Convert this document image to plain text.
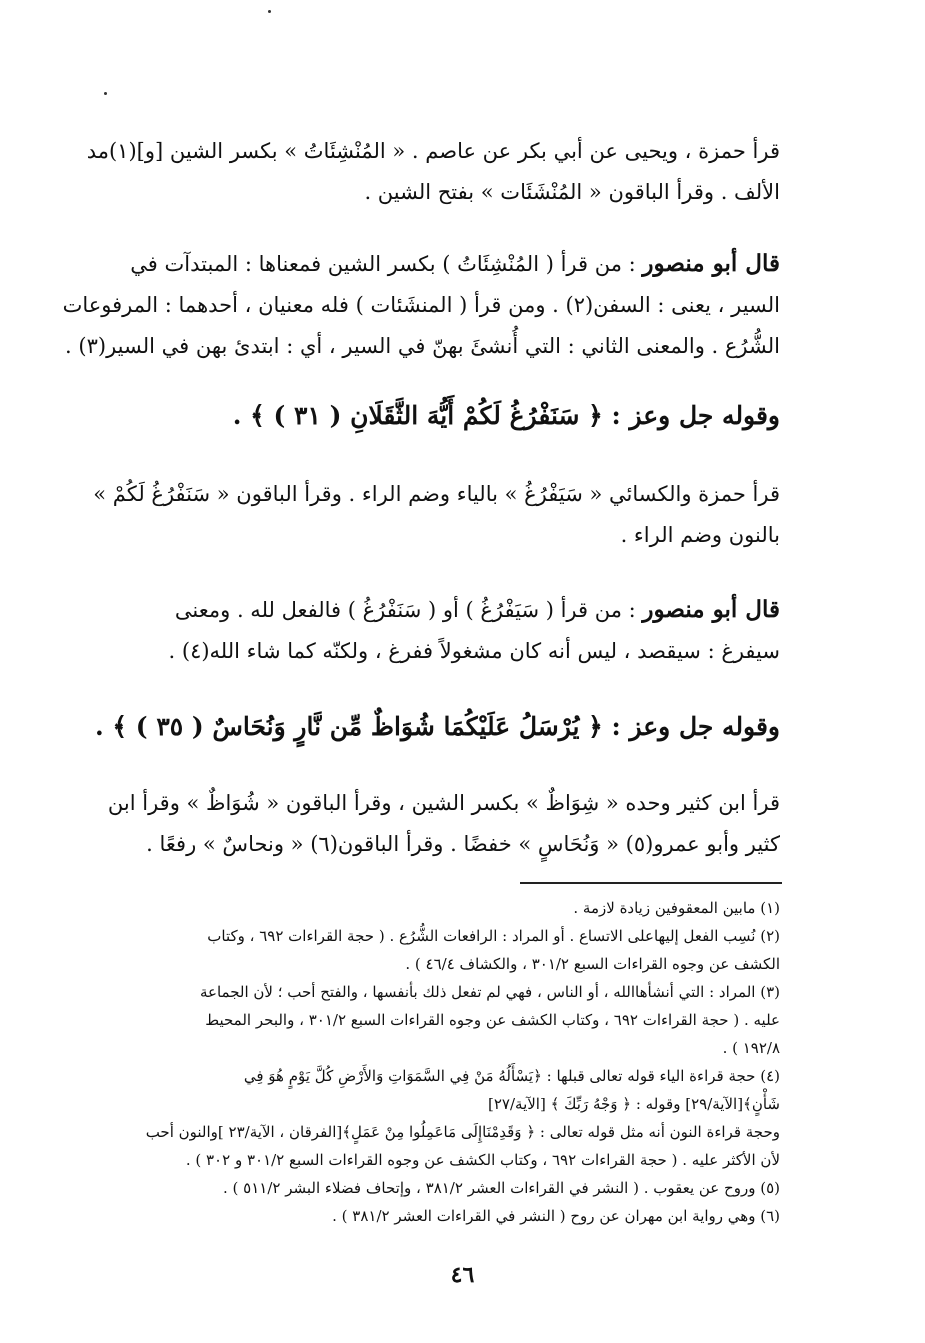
قرأ حمزة ، ويحيى عن أبي بكر عن عاصم . « المُنْشِئَاتُ » بكسر الشين [و](١)مد
الألف . وقرأ الباقون « المُنْشَئَات » بفتح الشين .
قال أبو منصور : من قرأ ( المُنْشِئَاتُ ) بكسر الشين فمعناها : المبتدآت في
السير ، يعنى : السفن(٢) . ومن قرأ ( المنشَئات ) فله معنيان ، أحدهما : المرفوعات
الشُّرُع . والمعنى الثاني : التي أُنشئَ بهنّ في السير ، أي : ابتدئ بهن في السير(٣) .
وقوله جل وعز : ﴿ سَنَفْرُغُ لَكُمْ أَيُّهَ الثَّقَلَانِ ( ٣١ ) ﴾ .
قرأ حمزة والكسائي « سَيَفْرُغُ » بالياء وضم الراء . وقرأ الباقون « سَنَفْرُغُ لَكُمْ »
بالنون وضم الراء .
قال أبو منصور : من قرأ ( سَيَفْرُغُ ) أو ( سَنَفْرُغُ ) فالفعل لله . ومعنى
سيفرغ : سيقصد ، ليس أنه كان مشغولاً ففرغ ، ولكنّه كما شاء الله(٤) .
وقوله جل وعز : ﴿ يُرْسَلُ عَلَيْكُمَا شُوَاظٌ مِّن نَّارٍ وَنُحَاسٌ ( ٣٥ ) ﴾ .
قرأ ابن كثير وحده « شِوَاظٌ » بكسر الشين ، وقرأ الباقون « شُوَاظٌ » وقرأ ابن
كثير وأبو عمرو(٥) « وَنُحَاسٍ » خفضًا . وقرأ الباقون(٦) « ونحاسٌ » رفعًا .
(١) مابين المعقوفين زيادة لازمة .
(٢) نُسِب الفعل إليهاعلى الاتساع . أو المراد : الرافعات الشُّرُع . ( حجة القراءات ٦٩٢ ، وكتاب
الكشف عن وجوه القراءات السبع ٣٠١/٢ ، والكشاف ٤٦/٤ ) .
(٣) المراد : التي أنشأهاالله ، أو الناس ، فهي لم تفعل ذلك بأنفسها ، والفتح أحب ؛ لأن الجماعة
عليه . ( حجة القراءات ٦٩٢ ، وكتاب الكشف عن وجوه القراءات السبع ٣٠١/٢ ، والبحر المحيط
١٩٢/٨ ) .
(٤) حجة قراءة الياء قوله تعالى قبلها : ﴿يَسْأَلُهُ مَنْ فِي السَّمَوَاتِ وَالأَرْضِ كُلَّ يَوْمٍ هُوَ فِي
شَأْنٍ﴾[الآية/٢٩] وقوله : ﴿ وَجْهُ رَبِّكَ ﴾ [الآية/٢٧]
وحجة قراءة النون أنه مثل قوله تعالى : ﴿ وَقَدِمْنَاإِلَى مَاعَمِلُوا مِنْ عَمَلٍ﴾[الفرقان ، الآية/٢٣ ]والنون أحب
لأن الأكثر عليه . ( حجة القراءات ٦٩٢ ، وكتاب الكشف عن وجوه القراءات السبع ٣٠١/٢ و ٣٠٢ ) .
(٥) وروح عن يعقوب . ( النشر في القراءات العشر ٣٨١/٢ ، وإتحاف فضلاء البشر ٥١١/٢ ) .
(٦) وهي رواية ابن مهران عن روح ( النشر في القراءات العشر ٣٨١/٢ ) .
٤٦
